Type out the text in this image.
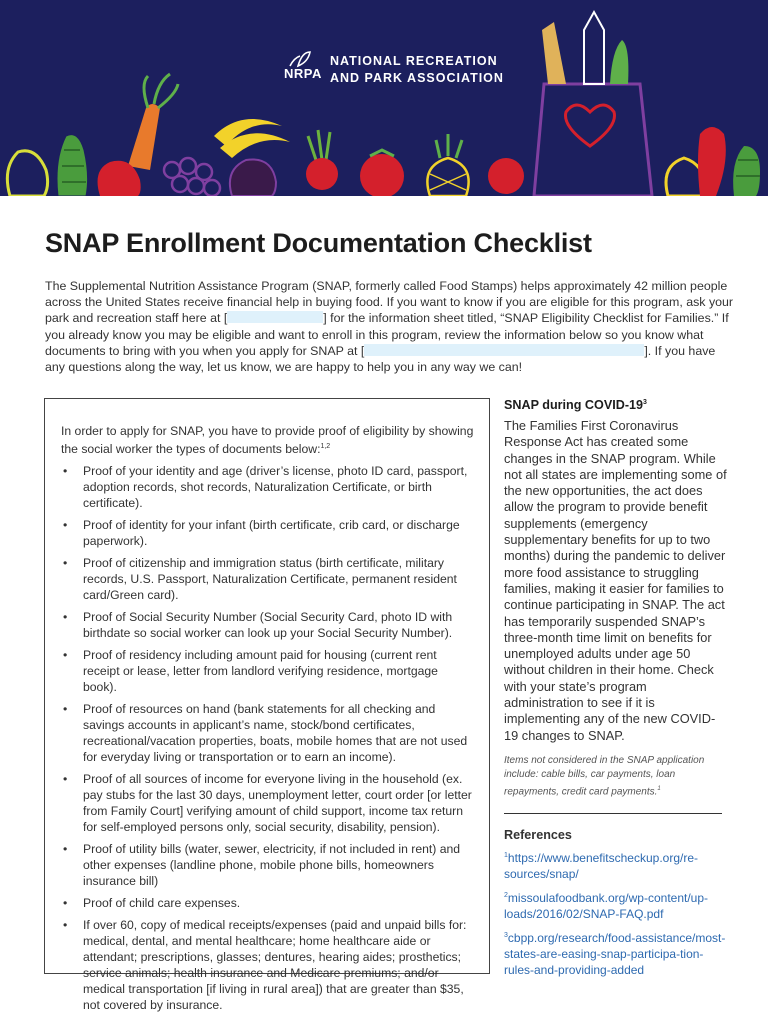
NRPA
NATIONAL RECREATION
AND PARK ASSOCIATION
SNAP Enrollment Documentation Checklist

The Supplemental Nutrition Assistance Program (SNAP, formerly called Food Stamps) helps approximately 42 million people across the United States receive financial help in buying food. If you want to know if you are eligible for this program, ask your park and recreation staff here at [	] for the information sheet titled, “SNAP Eligibility Checklist for Families.” If you already know you may be eligible and want to enroll in this program, review the information below so you know what documents to bring with you when you apply for SNAP at [	]. If you have any questions along the way, let us know, we are happy to help you in any way we can!

In order to apply for SNAP, you have to provide proof of eligibility by showing the social worker the types of documents below:$^{1,2}$

• Proof of your identity and age (driver’s license, photo ID card, passport, adoption records, shot records, Naturalization Certificate, or birth certificate).
• Proof of identity for your infant (birth certificate, crib card, or discharge paperwork).
• Proof of citizenship and immigration status (birth certificate, military records, U.S. Passport, Naturalization Certificate, permanent resident card/Green card).
• Proof of Social Security Number (Social Security Card, photo ID with birthdate so social worker can look up your Social Security Number).
• Proof of residency including amount paid for housing (current rent receipt or lease, letter from landlord verifying residence, mortgage book).
• Proof of resources on hand (bank statements for all checking and savings accounts in applicant’s name, stock/bond certificates, recreational/vacation properties, boats, mobile homes that are not used for everyday living or transportation or to earn an income).
• Proof of all sources of income for everyone living in the household (ex. pay stubs for the last 30 days, unemployment letter, court order [or letter from Family Court] verifying amount of child support, income tax return for self-employed persons only, social security, disability, pension).
• Proof of utility bills (water, sewer, electricity, if not included in rent) and other expenses (landline phone, mobile phone bills, homeowners insurance bill)
• Proof of child care expenses.
• If over 60, copy of medical receipts/expenses (paid and unpaid bills for: medical, dental, and mental healthcare; home healthcare aide or attendant; prescriptions, glasses; dentures, hearing aides; prosthetics; service animals; health insurance and Medicare premiums; and/or medical transportation [if living in rural area]) that are greater than $35, not covered by insurance.
SNAP during COVID-$19^3$

The Families First Coronavirus Response Act has created some changes in the SNAP program. While not all states are implementing some of the new opportunities, the act does allow the program to provide benefit supplements (emergency supplementary benefits for up to two months) during the pandemic to deliver more food assistance to struggling families, making it easier for families to continue participating in SNAP. The act has temporarily suspended SNAP’s three-month time limit on benefits for unemployed adults under age 50 without children in their home. Check with your state’s program administration to see if it is implementing any of the new COVID-19 changes to SNAP.

Items not considered in the SNAP application include: cable bills, car payments, loan repayments, credit card payments.$^1$

References

$^1$https://www.benefitscheckup.org/re-sources/snap/

$^2$missoulafoodbank.org/wp-content/up-loads/2016/02/SNAP-FAQ.pdf

$^3$cbpp.org/research/food-assistance/most-states-are-easing-snap-participa-tion-rules-and-providing-added
